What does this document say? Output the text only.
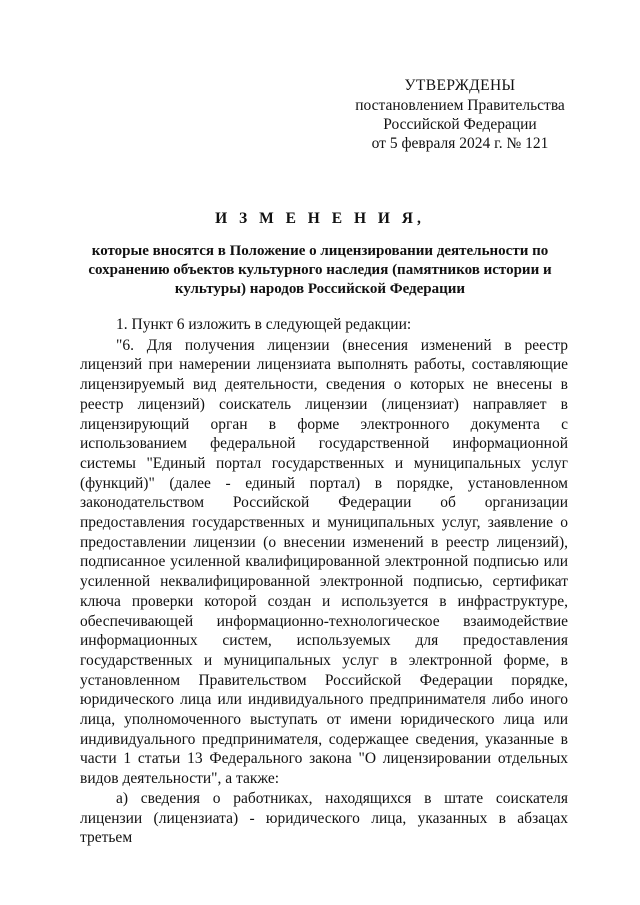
УТВЕРЖДЕНЫ
постановлением Правительства
Российской Федерации
от 5 февраля 2024 г. № 121
И З М Е Н Е Н И Я,
которые вносятся в Положение о лицензировании деятельности по сохранению объектов культурного наследия (памятников истории и культуры) народов Российской Федерации

1. Пункт 6 изложить в следующей редакции:

"6. Для получения лицензии (внесения изменений в реестр лицензий при намерении лицензиата выполнять работы, составляющие лицензируемый вид деятельности, сведения о которых не внесены в реестр лицензий) соискатель лицензии (лицензиат) направляет в лицензирующий орган в форме электронного документа с использованием федеральной государственной информационной системы "Единый портал государственных и муниципальных услуг (функций)" (далее - единый портал) в порядке, установленном законодательством Российской Федерации об организации предоставления государственных и муниципальных услуг, заявление о предоставлении лицензии (о внесении изменений в реестр лицензий), подписанное усиленной квалифицированной электронной подписью или усиленной неквалифицированной электронной подписью, сертификат ключа проверки которой создан и используется в инфраструктуре, обеспечивающей информационно-технологическое взаимодействие информационных систем, используемых для предоставления государственных и муниципальных услуг в электронной форме, в установленном Правительством Российской Федерации порядке, юридического лица или индивидуального предпринимателя либо иного лица, уполномоченного выступать от имени юридического лица или индивидуального предпринимателя, содержащее сведения, указанные в части 1 статьи 13 Федерального закона "О лицензировании отдельных видов деятельности", а также:

а) сведения о работниках, находящихся в штате соискателя лицензии (лицензиата) - юридического лица, указанных в абзацах третьем
